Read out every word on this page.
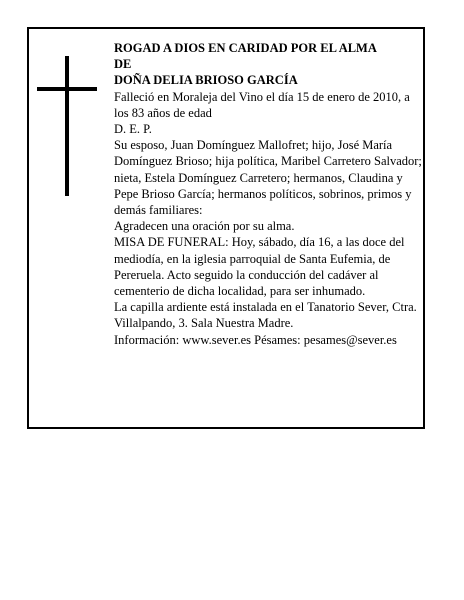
ROGAD A DIOS EN CARIDAD POR EL ALMA

DE

DOÑA DELIA BRIOSO GARCÍA

Falleció en Moraleja del Vino el día 15 de enero de 2010, a los 83 años de edad

D. E. P.

Su esposo, Juan Domínguez Mallofret; hijo, José María Domínguez Brioso; hija política, Maribel Carretero Salvador; nieta, Estela Domínguez Carretero; hermanos, Claudina y Pepe Brioso García; hermanos políticos, sobrinos, primos y demás familiares:

Agradecen una oración por su alma.

MISA DE FUNERAL: Hoy, sábado, día 16, a las doce del mediodía, en la iglesia parroquial de Santa Eufemia, de Pereruela. Acto seguido la conducción del cadáver al cementerio de dicha localidad, para ser inhumado.

La capilla ardiente está instalada en el Tanatorio Sever, Ctra. Villalpando, 3. Sala Nuestra Madre.

Información: www.sever.es Pésames: pesames@sever.es
